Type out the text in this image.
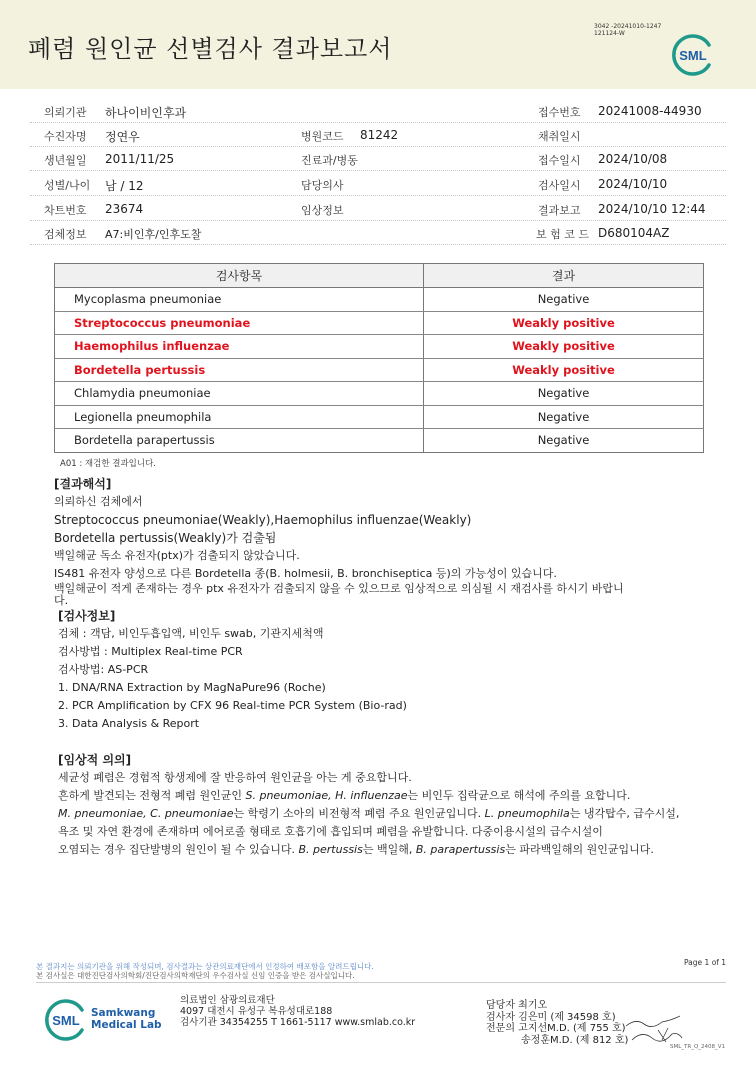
폐렴 원인균 선별검사 결과보고서
3042 -20241010-1247
121124-W
SML
의뢰기관 하나이비인후과	접수번호 20241008-44930
수진자명 정연우	병원코드 81242	채취일시
생년월일 2011/11/25	진료과/병동	접수일시 2024/10/08
성별/나이 남 / 12	담당의사	검사일시 2024/10/10
차트번호 23674	임상정보	결과보고 2024/10/10 12:44
검체정보 A7:비인후/인후도찰	보 험 코 드 D680104AZ
검사항목	결과
Mycoplasma pneumoniae	Negative
Streptococcus pneumoniae	Weakly positive
Haemophilus influenzae	Weakly positive
Bordetella pertussis	Weakly positive
Chlamydia pneumoniae	Negative
Legionella pneumophila	Negative
Bordetella parapertussis	Negative
A01 : 재검한 결과입니다.
[결과해석]
의뢰하신 검체에서
Streptococcus pneumoniae(Weakly),Haemophilus influenzae(Weakly)
Bordetella pertussis(Weakly)가 검출됨
백일해균 독소 유전자(ptx)가 검출되지 않았습니다.
IS481 유전자 양성으로 다른 Bordetella 종(B. holmesii, B. bronchiseptica 등)의 가능성이 있습니다.
백일해균이 적게 존재하는 경우 ptx 유전자가 검출되지 않을 수 있으므로 임상적으로 의심될 시 재검사를 하시기 바랍니
다.
[검사정보]
검체 : 객담, 비인두흡입액, 비인두 swab, 기관지세척액
검사방법 : Multiplex Real-time PCR
검사방법: AS-PCR
1. DNA/RNA Extraction by MagNaPure96 (Roche)
2. PCR Amplification by CFX 96 Real-time PCR System (Bio-rad)
3. Data Analysis & Report
[임상적 의의]

세균성 폐렴은 경험적 항생제에 잘 반응하여 원인균을 아는 게 중요합니다.

흔하게 발견되는 전형적 폐렴 원인균인 S. pneumoniae, H. influenzae는 비인두 집락균으로 해석에 주의를 요합니다.

M. pneumoniae, C. pneumoniae는 학령기 소아의 비전형적 폐렴 주요 원인균입니다. L. pneumophila는 냉각탑수, 급수시설,

욕조 및 자연 환경에 존재하며 에어로졸 형태로 호흡기에 흡입되며 폐렴을 유발합니다. 다중이용시설의 급수시설이

오염되는 경우 집단발병의 원인이 될 수 있습니다. B. pertussis는 백일해, B. parapertussis는 파라백일해의 원인균입니다.

본 결과지는 의뢰기관을 위해 작성되며, 검사결과는 상관의료재단에서 인정하여 배포함을 알려드립니다.
본 검사실은 대한진단검사의학회/진단검사의학재단의 우수검사실 신임 인증을 받은 검사실입니다.
Page 1 of 1
SML Samkwang
Medical Lab
의료법인 삼광의료재단
4097 대전시 유성구 복유성대로188
검사기관 34354255 T 1661-5117 www.smlab.co.kr
담당자 최기오
검사자 김은미 (제 34598 호)
전문의 고지선M.D. (제 755 호)
송정훈M.D. (제 812 호)
SML_TR_Q_2408_V1
